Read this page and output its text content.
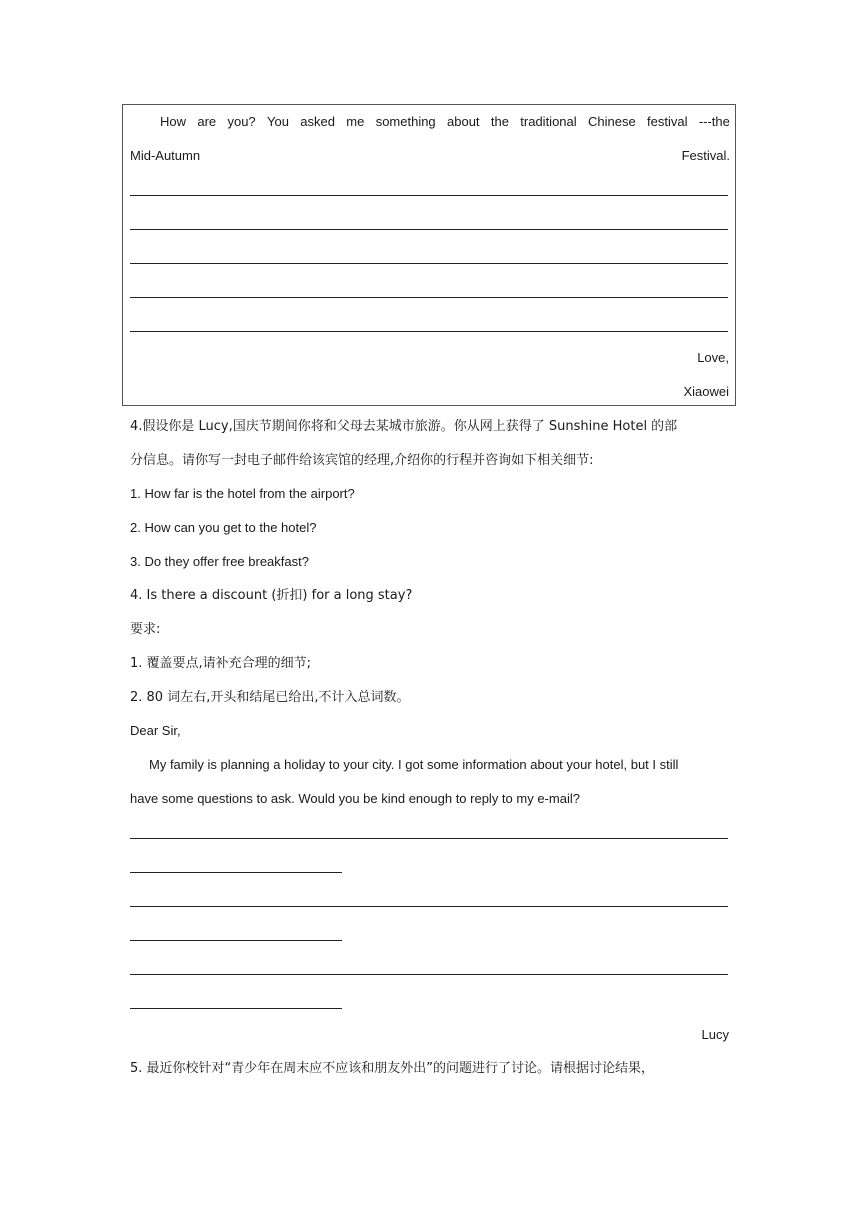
How are you? You asked me something about the traditional Chinese festival ---the
Mid-Autumn	Festival.
Love,
Xiaowei
4.假设你是 Lucy,国庆节期间你将和父母去某城市旅游。你从网上获得了 Sunshine Hotel 的部
分信息。请你写一封电子邮件给该宾馆的经理,介绍你的行程并咨询如下相关细节:
1. How far is the hotel from the airport?
2. How can you get to the hotel?
3. Do they offer free breakfast?
4. Is there a discount (折扣) for a long stay?
要求:
1. 覆盖要点,请补充合理的细节;
2. 80 词左右,开头和结尾已给出,不计入总词数。
Dear Sir,
My family is planning a holiday to your city. I got some information about your hotel, but I still
have some questions to ask. Would you be kind enough to reply to my e-mail?
Lucy
5. 最近你校针对“青少年在周末应不应该和朋友外出”的问题进行了讨论。请根据讨论结果，
